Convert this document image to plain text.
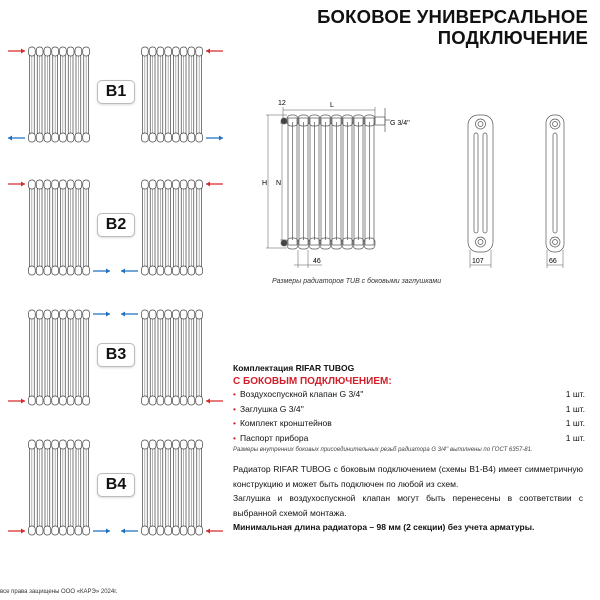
БОКОВОЕ УНИВЕРСАЛЬНОЕ
ПОДКЛЮЧЕНИЕ
B1
B2
B3
B4
12	L
H N
46
G 3/4''
107	66
Размеры радиаторов TUB с боковыми заглушками
Комплектация RIFAR TUBOG
С БОКОВЫМ ПОДКЛЮЧЕНИЕМ:
• Воздухоспускной клапан G 3/4''	1 шт.
• Заглушка G 3/4''	1 шт.
• Комплект кронштейнов	1 шт.
• Паспорт прибора	1 шт.
Размеры внутренних боковых присоединительных резьб радиатора G 3/4'' выполнены по ГОСТ 6357-81.
Радиатор RIFAR TUBOG с боковым подключением (схемы B1-B4) имеет симметричную конструкцию и может быть подключен по любой из схем.
Заглушка и воздухоспускной клапан могут быть перенесены в соответствии с выбранной схемой монтажа.
Минимальная длина радиатора – 98 мм (2 секции) без учета арматуры.
все права защищены ООО «КАРЭ» 2024г.
